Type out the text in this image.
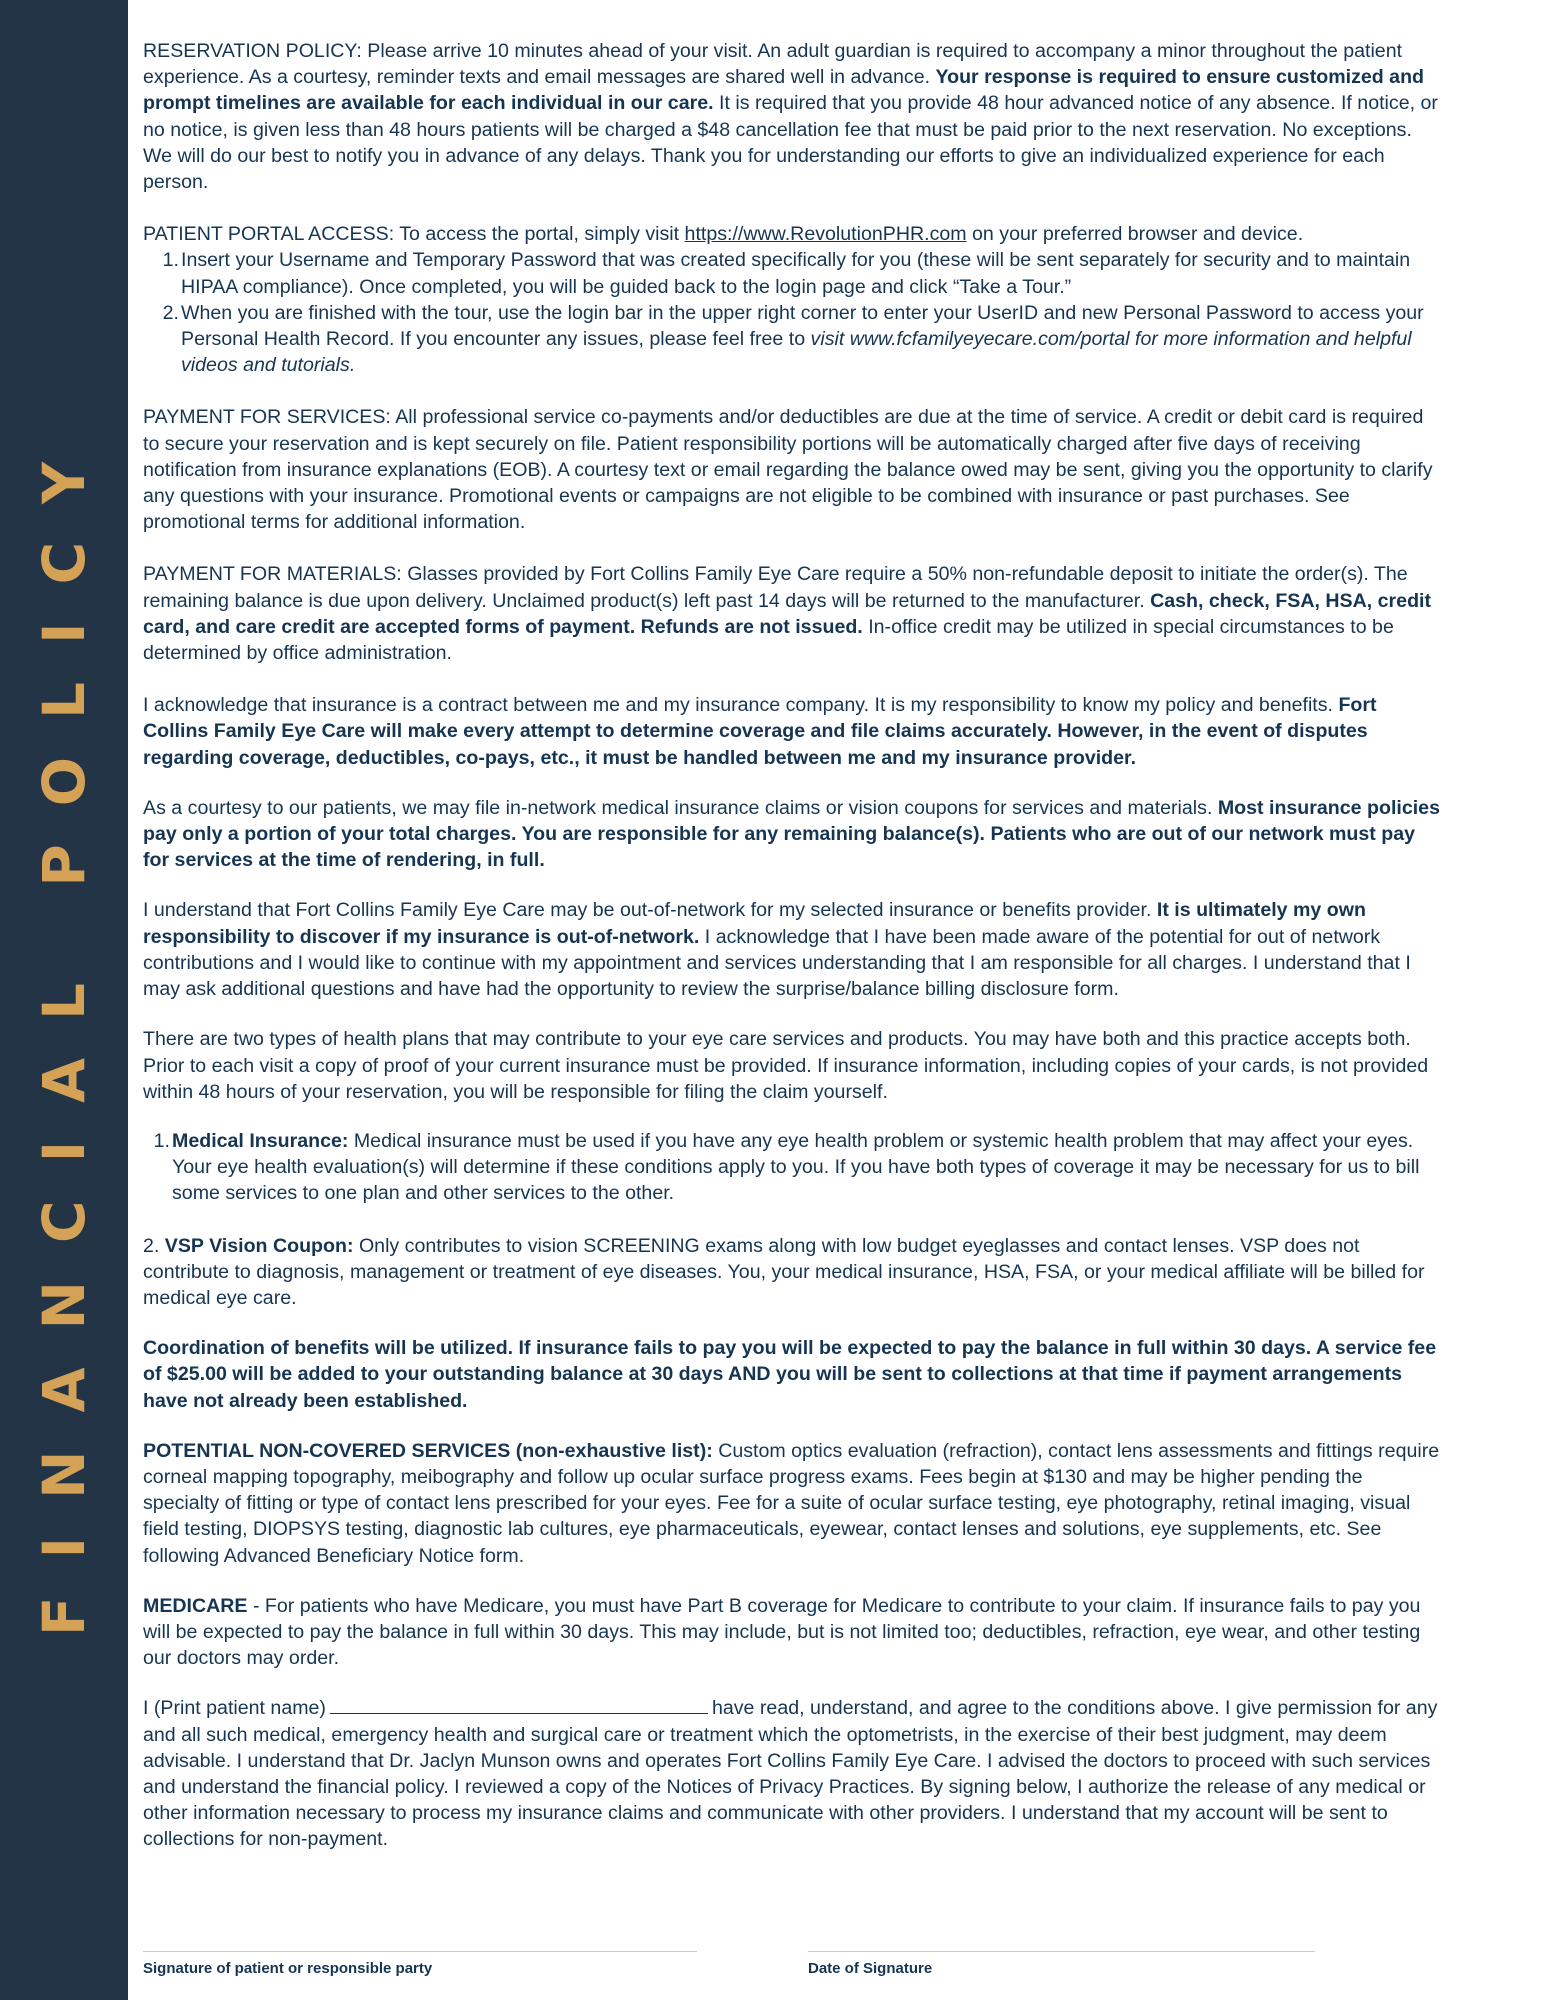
FINANCIAL POLICY

RESERVATION POLICY: Please arrive 10 minutes ahead of your visit. An adult guardian is required to accompany a minor throughout the patient experience. As a courtesy, reminder texts and email messages are shared well in advance. Your response is required to ensure customized and prompt timelines are available for each individual in our care. It is required that you provide 48 hour advanced notice of any absence. If notice, or no notice, is given less than 48 hours patients will be charged a $48 cancellation fee that must be paid prior to the next reservation. No exceptions. We will do our best to notify you in advance of any delays. Thank you for understanding our efforts to give an individualized experience for each person.

PATIENT PORTAL ACCESS: To access the portal, simply visit https://www.RevolutionPHR.com on your preferred browser and device.

1. Insert your Username and Temporary Password that was created specifically for you (these will be sent separately for security and to maintain HIPAA compliance). Once completed, you will be guided back to the login page and click “Take a Tour.”
2. When you are finished with the tour, use the login bar in the upper right corner to enter your UserID and new Personal Password to access your Personal Health Record. If you encounter any issues, please feel free to visit www.fcfamilyeyecare.com/portal for more information and helpful videos and tutorials.

PAYMENT FOR SERVICES: All professional service co-payments and/or deductibles are due at the time of service. A credit or debit card is required to secure your reservation and is kept securely on file. Patient responsibility portions will be automatically charged after five days of receiving notification from insurance explanations (EOB). A courtesy text or email regarding the balance owed may be sent, giving you the opportunity to clarify any questions with your insurance. Promotional events or campaigns are not eligible to be combined with insurance or past purchases. See promotional terms for additional information.

PAYMENT FOR MATERIALS: Glasses provided by Fort Collins Family Eye Care require a 50% non-refundable deposit to initiate the order(s). The remaining balance is due upon delivery. Unclaimed product(s) left past 14 days will be returned to the manufacturer. Cash, check, FSA, HSA, credit card, and care credit are accepted forms of payment. Refunds are not issued. In-office credit may be utilized in special circumstances to be determined by office administration.

I acknowledge that insurance is a contract between me and my insurance company. It is my responsibility to know my policy and benefits. Fort Collins Family Eye Care will make every attempt to determine coverage and file claims accurately. However, in the event of disputes regarding coverage, deductibles, co-pays, etc., it must be handled between me and my insurance provider.

As a courtesy to our patients, we may file in-network medical insurance claims or vision coupons for services and materials. Most insurance policies pay only a portion of your total charges. You are responsible for any remaining balance(s). Patients who are out of our network must pay for services at the time of rendering, in full.

I understand that Fort Collins Family Eye Care may be out-of-network for my selected insurance or benefits provider. It is ultimately my own responsibility to discover if my insurance is out-of-network. I acknowledge that I have been made aware of the potential for out of network contributions and I would like to continue with my appointment and services understanding that I am responsible for all charges. I understand that I may ask additional questions and have had the opportunity to review the surprise/balance billing disclosure form.

There are two types of health plans that may contribute to your eye care services and products. You may have both and this practice accepts both. Prior to each visit a copy of proof of your current insurance must be provided. If insurance information, including copies of your cards, is not provided within 48 hours of your reservation, you will be responsible for filing the claim yourself.

1. Medical Insurance: Medical insurance must be used if you have any eye health problem or systemic health problem that may affect your eyes. Your eye health evaluation(s) will determine if these conditions apply to you. If you have both types of coverage it may be necessary for us to bill some services to one plan and other services to the other.

2. VSP Vision Coupon: Only contributes to vision SCREENING exams along with low budget eyeglasses and contact lenses. VSP does not contribute to diagnosis, management or treatment of eye diseases. You, your medical insurance, HSA, FSA, or your medical affiliate will be billed for medical eye care.

Coordination of benefits will be utilized. If insurance fails to pay you will be expected to pay the balance in full within 30 days. A service fee of $25.00 will be added to your outstanding balance at 30 days AND you will be sent to collections at that time if payment arrangements have not already been established.

POTENTIAL NON-COVERED SERVICES (non-exhaustive list): Custom optics evaluation (refraction), contact lens assessments and fittings require corneal mapping topography, meibography and follow up ocular surface progress exams. Fees begin at $130 and may be higher pending the specialty of fitting or type of contact lens prescribed for your eyes. Fee for a suite of ocular surface testing, eye photography, retinal imaging, visual field testing, DIOPSYS testing, diagnostic lab cultures, eye pharmaceuticals, eyewear, contact lenses and solutions, eye supplements, etc. See following Advanced Beneficiary Notice form.

MEDICARE - For patients who have Medicare, you must have Part B coverage for Medicare to contribute to your claim. If insurance fails to pay you will be expected to pay the balance in full within 30 days. This may include, but is not limited too; deductibles, refraction, eye wear, and other testing our doctors may order.

I (Print patient name)	have read, understand, and agree to the conditions above. I give permission for any and all such medical, emergency health and surgical care or treatment which the optometrists, in the exercise of their best judgment, may deem advisable. I understand that Dr. Jaclyn Munson owns and operates Fort Collins Family Eye Care. I advised the doctors to proceed with such services and understand the financial policy. I reviewed a copy of the Notices of Privacy Practices. By signing below, I authorize the release of any medical or other information necessary to process my insurance claims and communicate with other providers. I understand that my account will be sent to collections for non-payment.

Signature of patient or responsible party	Date of Signature
